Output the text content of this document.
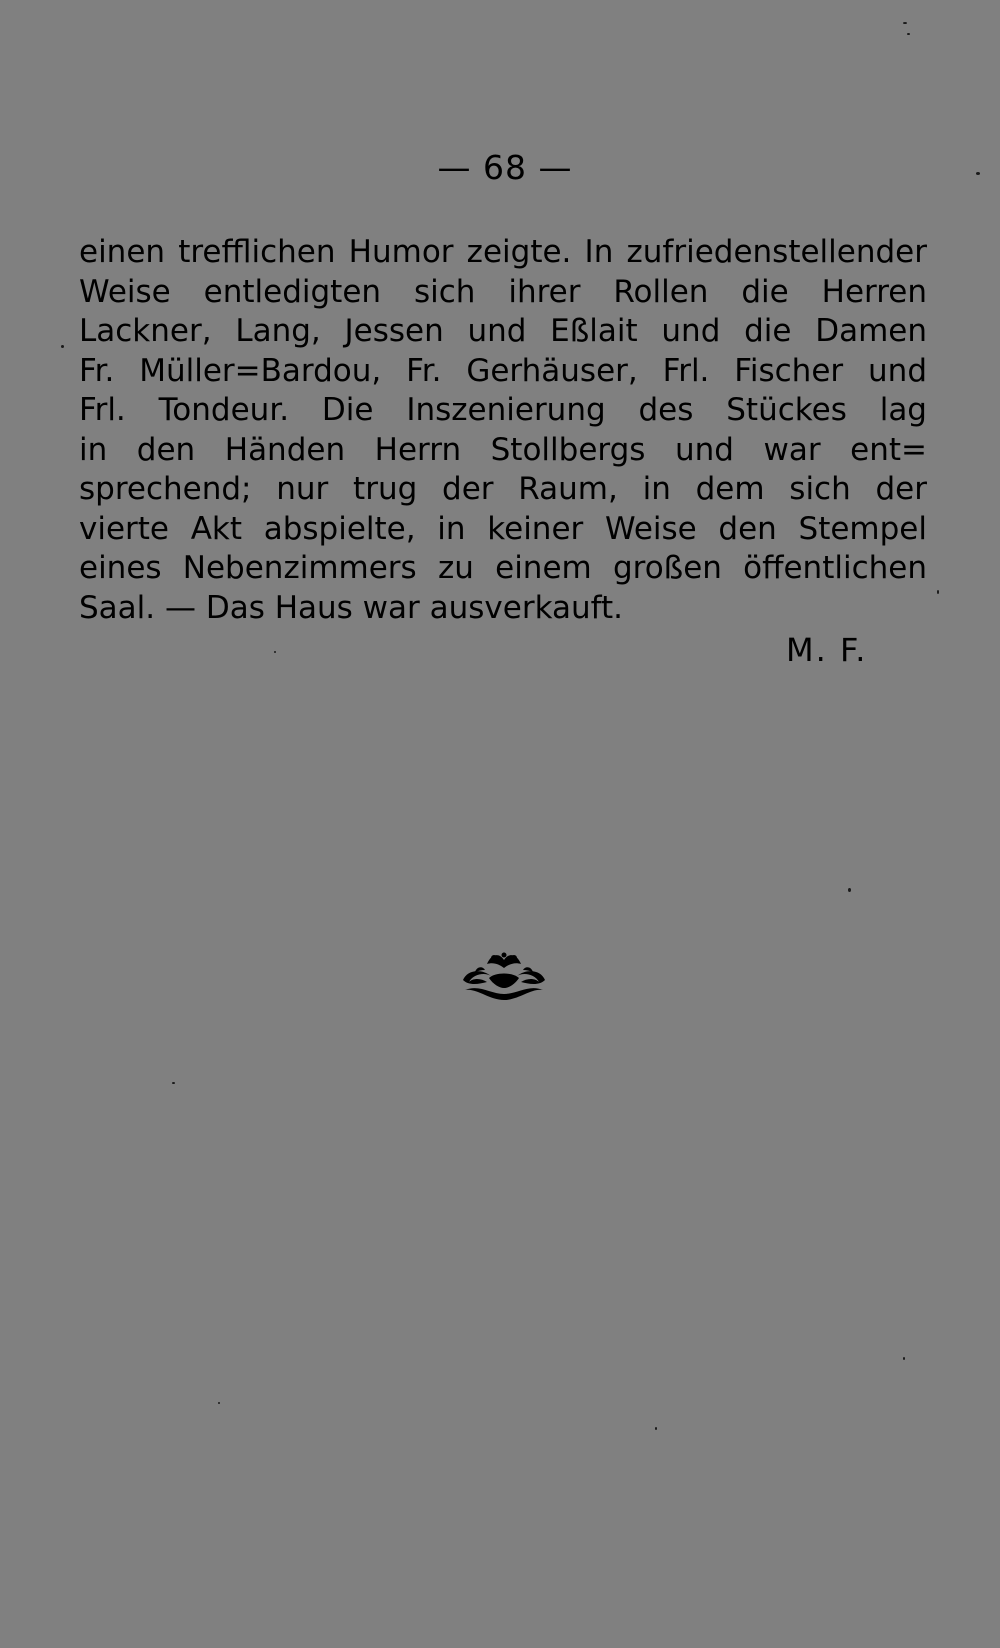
— 68 —
einen trefflichen Humor zeigte. In zufriedenstellender
Weise entledigten sich ihrer Rollen die Herren
Lackner, Lang, Jessen und Eßlait und die Damen
Fr. Müller=Bardou, Fr. Gerhäuser, Frl. Fischer und
Frl. Tondeur. Die Inszenierung des Stückes lag
in den Händen Herrn Stollbergs und war ent=
sprechend; nur trug der Raum, in dem sich der
vierte Akt abspielte, in keiner Weise den Stempel
eines Nebenzimmers zu einem großen öffentlichen
Saal. — Das Haus war ausverkauft.
M. F.
